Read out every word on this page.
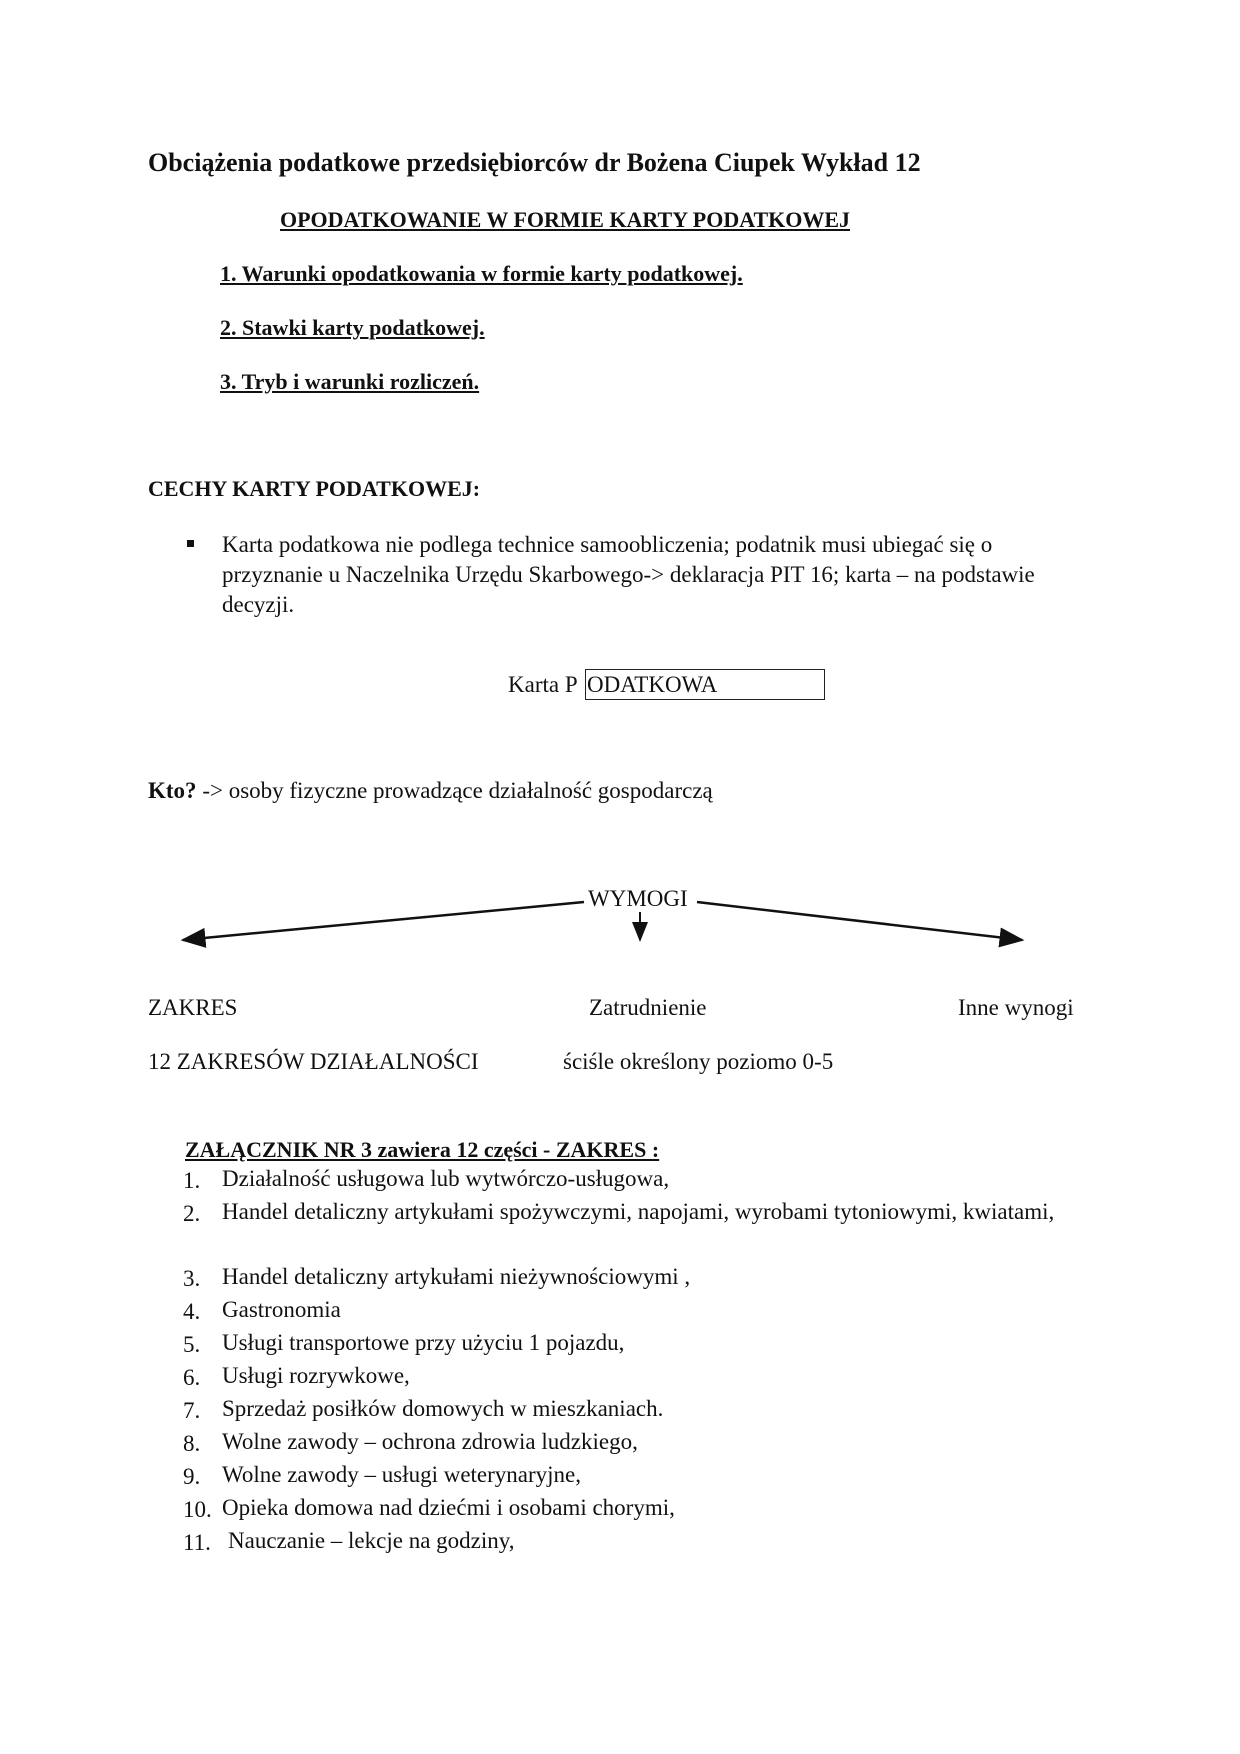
Obciążenia podatkowe przedsiębiorców dr Bożena Ciupek Wykład 12
OPODATKOWANIE W FORMIE KARTY PODATKOWEJ
1. Warunki opodatkowania w formie karty podatkowej.
2. Stawki karty podatkowej.
3. Tryb i warunki rozliczeń.
CECHY KARTY PODATKOWEJ:
Karta podatkowa nie podlega technice samoobliczenia; podatnik musi ubiegać się o przyznanie u Naczelnika Urzędu Skarbowego-> deklaracja PIT 16; karta – na podstawie decyzji.
Karta P ODATKOWA
Kto? -> osoby fizyczne prowadzące działalność gospodarczą
WYMOGI
ZAKRES	Zatrudnienie	Inne wynogi
12 ZAKRESÓW DZIAŁALNOŚCI	ściśle określony poziomo 0-5
ZAŁĄCZNIK NR 3 zawiera 12 części - ZAKRES :
1. Działalność usługowa lub wytwórczo-usługowa,
2. Handel detaliczny artykułami spożywczymi, napojami, wyrobami tytoniowymi, kwiatami,
3. Handel detaliczny artykułami nieżywnościowymi ,
4. Gastronomia
5. Usługi transportowe przy użyciu 1 pojazdu,
6. Usługi rozrywkowe,
7. Sprzedaż posiłków domowych w mieszkaniach.
8. Wolne zawody – ochrona zdrowia ludzkiego,
9. Wolne zawody – usługi weterynaryjne,
10. Opieka domowa nad dziećmi i osobami chorymi,
11. Nauczanie – lekcje na godziny,
